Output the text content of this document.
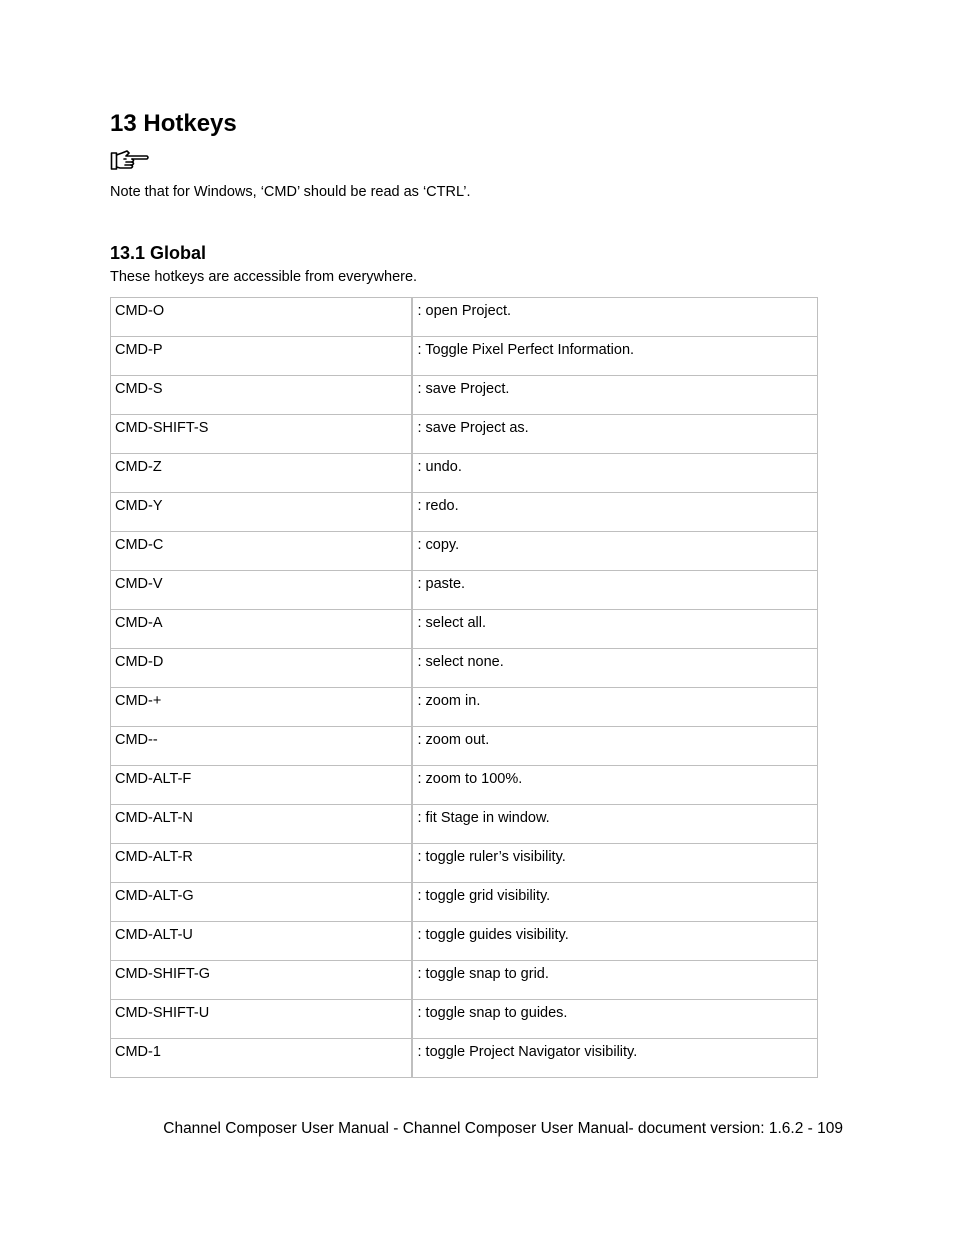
13 Hotkeys

Note that for Windows, ‘CMD’ should be read as ‘CTRL’.

13.1 Global

These hotkeys are accessible from everywhere.

CMD-O	: open Project.
CMD-P	: Toggle Pixel Perfect Information.
CMD-S	: save Project.
CMD-SHIFT-S	: save Project as.
CMD-Z	: undo.
CMD-Y	: redo.
CMD-C	: copy.
CMD-V	: paste.
CMD-A	: select all.
CMD-D	: select none.
CMD-+	: zoom in.
CMD--	: zoom out.
CMD-ALT-F	: zoom to 100%.
CMD-ALT-N	: fit Stage in window.
CMD-ALT-R	: toggle ruler’s visibility.
CMD-ALT-G	: toggle grid visibility.
CMD-ALT-U	: toggle guides visibility.
CMD-SHIFT-G	: toggle snap to grid.
CMD-SHIFT-U	: toggle snap to guides.
CMD-1	: toggle Project Navigator visibility.

Channel Composer User Manual - Channel Composer User Manual- document version: 1.6.2 - 109
